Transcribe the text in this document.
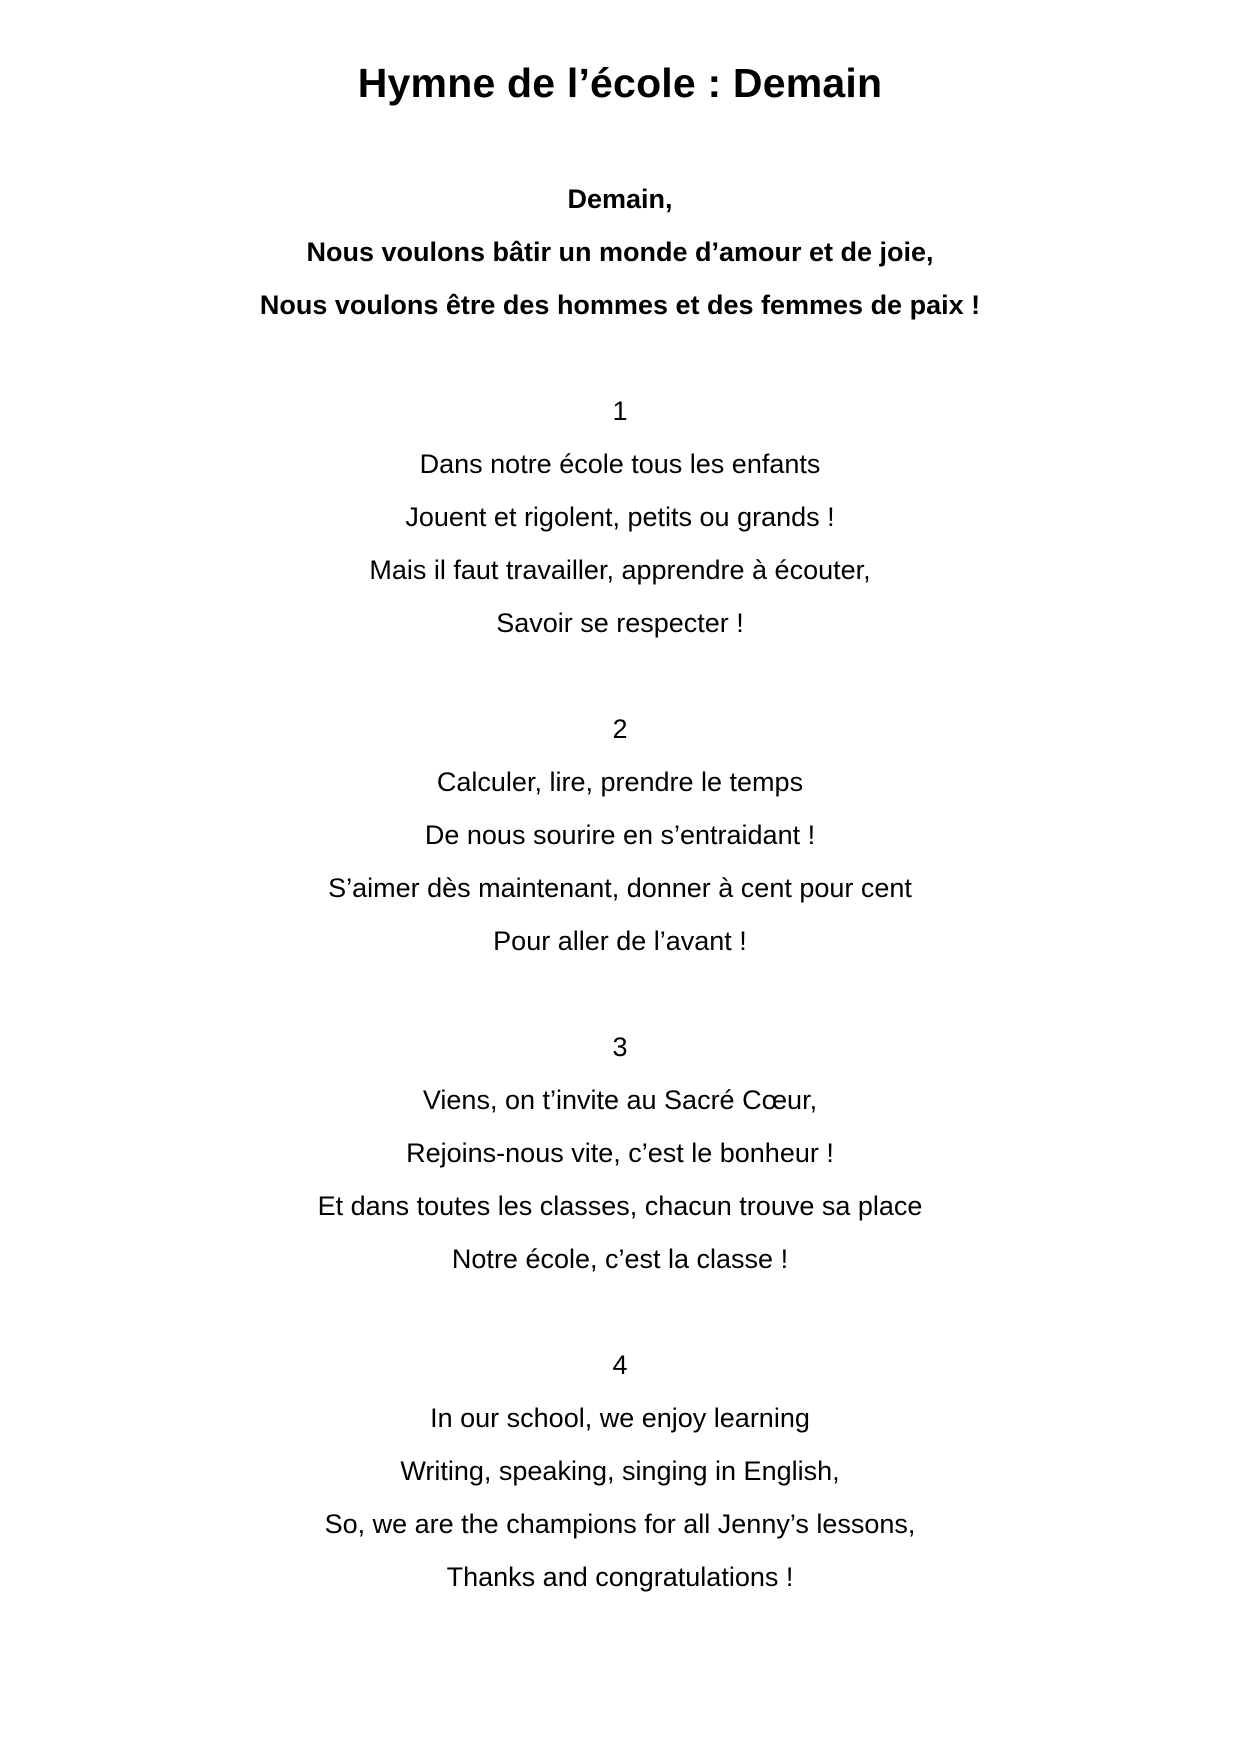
Hymne de l’école : Demain
Demain,
Nous voulons bâtir un monde d’amour et de joie,
Nous voulons être des hommes et des femmes de paix !
1
Dans notre école tous les enfants
Jouent et rigolent, petits ou grands !
Mais il faut travailler, apprendre à écouter,
Savoir se respecter !
2
Calculer, lire, prendre le temps
De nous sourire en s’entraidant !
S’aimer dès maintenant, donner à cent pour cent
Pour aller de l’avant !
3
Viens, on t’invite au Sacré Cœur,
Rejoins-nous vite, c’est le bonheur !
Et dans toutes les classes, chacun trouve sa place
Notre école, c’est la classe !
4
In our school, we enjoy learning
Writing, speaking, singing in English,
So, we are the champions for all Jenny’s lessons,
Thanks and congratulations !
